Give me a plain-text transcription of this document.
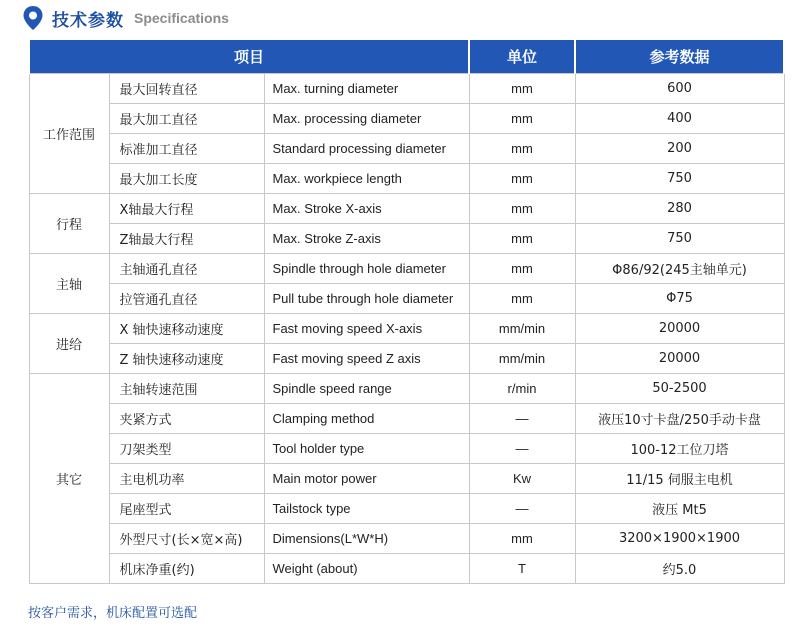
技术参数 Specifications
项目			单位	参考数据
工作范围	最大回转直径	Max. turning diameter	mm	600
	最大加工直径	Max. processing diameter	mm	400
	标准加工直径	Standard processing diameter	mm	200
	最大加工长度	Max. workpiece length	mm	750
行程	X轴最大行程	Max. Stroke X-axis	mm	280
	Z轴最大行程	Max. Stroke Z-axis	mm	750
主轴	主轴通孔直径	Spindle through hole diameter	mm	Φ86/92(245主轴单元)
	拉管通孔直径	Pull tube through hole diameter	mm	Φ75
进给	X 轴快速移动速度	Fast moving speed X-axis	mm/min	20000
	Z 轴快速移动速度	Fast moving speed Z axis	mm/min	20000
其它	主轴转速范围	Spindle speed range	r/min	50-2500
	夹紧方式	Clamping method	—	液压10寸卡盘/250手动卡盘
	刀架类型	Tool holder type	—	100-12工位刀塔
	主电机功率	Main motor power	Kw	11/15 伺服主电机
	尾座型式	Tailstock type	—	液压 Mt5
	外型尺寸(长×宽×高)	Dimensions(L*W*H)	mm	3200×1900×1900
	机床净重(约)	Weight (about)	T	约5.0
按客户需求，机床配置可选配
